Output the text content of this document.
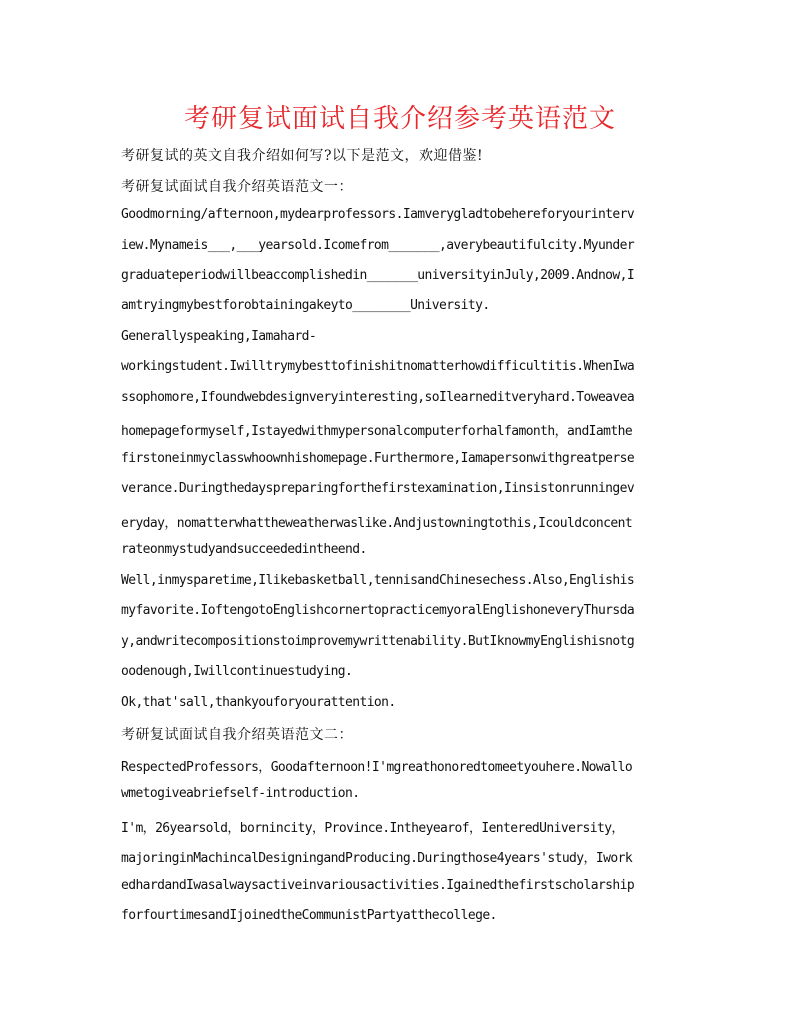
考研复试面试自我介绍参考英语范文
考研复试的英文自我介绍如何写?以下是范文，欢迎借鉴!
考研复试面试自我介绍英语范文一：
Goodmorning/afternoon,mydearprofessors.Iamverygladtobehereforyourinterv
iew.Mynameis___,___yearsold.Icomefrom_______,averybeautifulcity.Myunder
graduateperiodwillbeaccomplishedin_______universityinJuly,2009.Andnow,I
amtryingmybestforobtainingakeyto________University.
Generallyspeaking,Iamahard-
workingstudent.Iwilltrymybesttofinishitnomatterhowdifficultitis.WhenIwa
ssophomore,Ifoundwebdesignveryinteresting,soIlearneditveryhard.Toweavea
homepageformyself,Istayedwithmypersonalcomputerforhalfamonth，andIamthe
firstoneinmyclasswhoownhishomepage.Furthermore,Iamapersonwithgreatperse
verance.Duringthedayspreparingforthefirstexamination,Iinsistonrunningev
eryday，nomatterwhattheweatherwaslike.Andjustowningtothis,Icouldconcent
rateonmystudyandsucceededintheend.
Well,inmysparetime,Ilikebasketball,tennisandChinesechess.Also,Englishis
myfavorite.IoftengotoEnglishcornertopracticemyoralEnglishoneveryThursda
y,andwritecompositionstoimprovemywrittenability.ButIknowmyEnglishisnotg
oodenough,Iwillcontinuestudying.
Ok,that'sall,thankyouforyourattention.
考研复试面试自我介绍英语范文二：
RespectedProfessors，Goodafternoon!I'mgreathonoredtomeetyouhere.Nowallo
wmetogiveabriefself-introduction.
I'm，26yearsold，bornincity，Province.Intheyearof，IenteredUniversity，
majoringinMachincalDesigningandProducing.Duringthose4years'study，Iwork
edhardandIwasalwaysactiveinvariousactivities.Igainedthefirstscholarship
forfourtimesandIjoinedtheCommunistPartyatthecollege.
